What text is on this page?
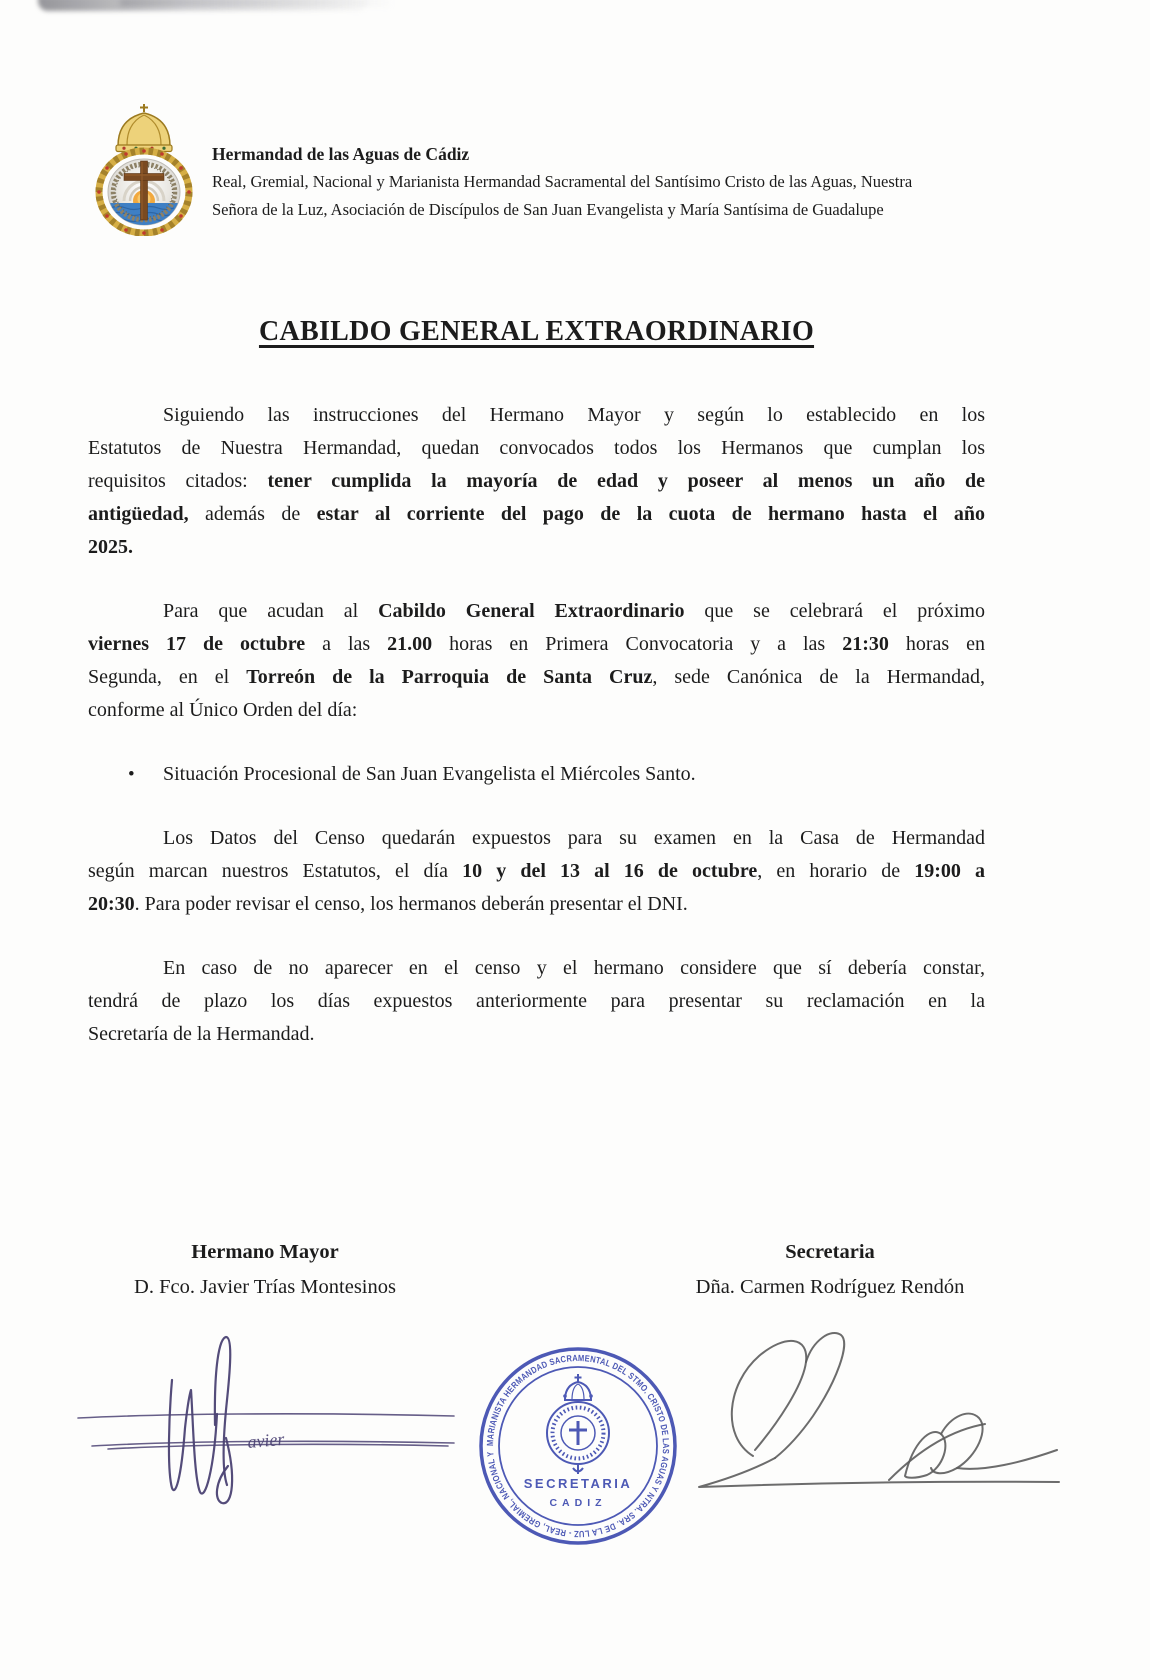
Hermandad de las Aguas de Cádiz
Real, Gremial, Nacional y Marianista Hermandad Sacramental del Santísimo Cristo de las Aguas, Nuestra
Señora de la Luz, Asociación de Discípulos de San Juan Evangelista y María Santísima de Guadalupe
CABILDO GENERAL EXTRAORDINARIO
Siguiendo las instrucciones del Hermano Mayor y según lo establecido en los
Estatutos de Nuestra Hermandad, quedan convocados todos los Hermanos que cumplan los
requisitos citados: tener cumplida la mayoría de edad y poseer al menos un año de
antigüedad, además de estar al corriente del pago de la cuota de hermano hasta el año
2025.
Para que acudan al Cabildo General Extraordinario que se celebrará el próximo
viernes 17 de octubre a las 21.00 horas en Primera Convocatoria y a las 21:30 horas en
Segunda, en el Torreón de la Parroquia de Santa Cruz, sede Canónica de la Hermandad,
conforme al Único Orden del día:
•	Situación Procesional de San Juan Evangelista el Miércoles Santo.
Los Datos del Censo quedarán expuestos para su examen en la Casa de Hermandad
según marcan nuestros Estatutos, el día 10 y del 13 al 16 de octubre, en horario de 19:00 a
20:30. Para poder revisar el censo, los hermanos deberán presentar el DNI.
En caso de no aparecer en el censo y el hermano considere que sí debería constar,
tendrá de plazo los días expuestos anteriormente para presentar su reclamación en la
Secretaría de la Hermandad.
Hermano Mayor
D. Fco. Javier Trías Montesinos
Secretaria
Dña. Carmen Rodríguez Rendón
avier	MARIANISTA HERMANDAD SACRAMENTAL DEL STMO. CRISTO DE LAS AGUAS Y NTRA. SRA. DE LA LUZ - REAL, GREMIAL, NACIONAL Y
SECRETARIA
CADIZ
